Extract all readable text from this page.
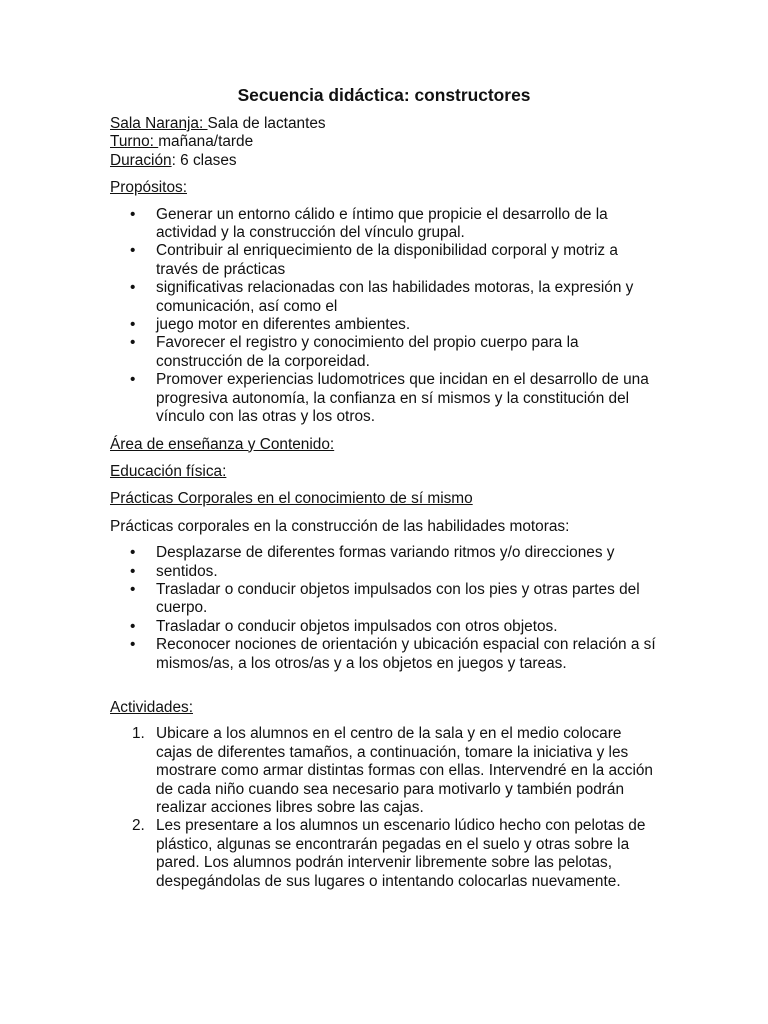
Secuencia didáctica: constructores

Sala Naranja: Sala de lactantes

Turno: mañana/tarde

Duración: 6 clases

Propósitos:

• Generar un entorno cálido e íntimo que propicie el desarrollo de la actividad y la construcción del vínculo grupal.
• Contribuir al enriquecimiento de la disponibilidad corporal y motriz a través de prácticas
• significativas relacionadas con las habilidades motoras, la expresión y comunicación, así como el
• juego motor en diferentes ambientes.
• Favorecer el registro y conocimiento del propio cuerpo para la construcción de la corporeidad.
• Promover experiencias ludomotrices que incidan en el desarrollo de una progresiva autonomía, la confianza en sí mismos y la constitución del vínculo con las otras y los otros.

Área de enseñanza y Contenido:

Educación física:

Prácticas Corporales en el conocimiento de sí mismo

Prácticas corporales en la construcción de las habilidades motoras:

• Desplazarse de diferentes formas variando ritmos y/o direcciones y
• sentidos.
• Trasladar o conducir objetos impulsados con los pies y otras partes del cuerpo.
• Trasladar o conducir objetos impulsados con otros objetos.
• Reconocer nociones de orientación y ubicación espacial con relación a sí mismos/as, a los otros/as y a los objetos en juegos y tareas.

Actividades:

1. Ubicare a los alumnos en el centro de la sala y en el medio colocare cajas de diferentes tamaños, a continuación, tomare la iniciativa y les mostrare como armar distintas formas con ellas. Intervendré en la acción de cada niño cuando sea necesario para motivarlo y también podrán realizar acciones libres sobre las cajas.
2. Les presentare a los alumnos un escenario lúdico hecho con pelotas de plástico, algunas se encontrarán pegadas en el suelo y otras sobre la pared. Los alumnos podrán intervenir libremente sobre las pelotas, despegándolas de sus lugares o intentando colocarlas nuevamente.
